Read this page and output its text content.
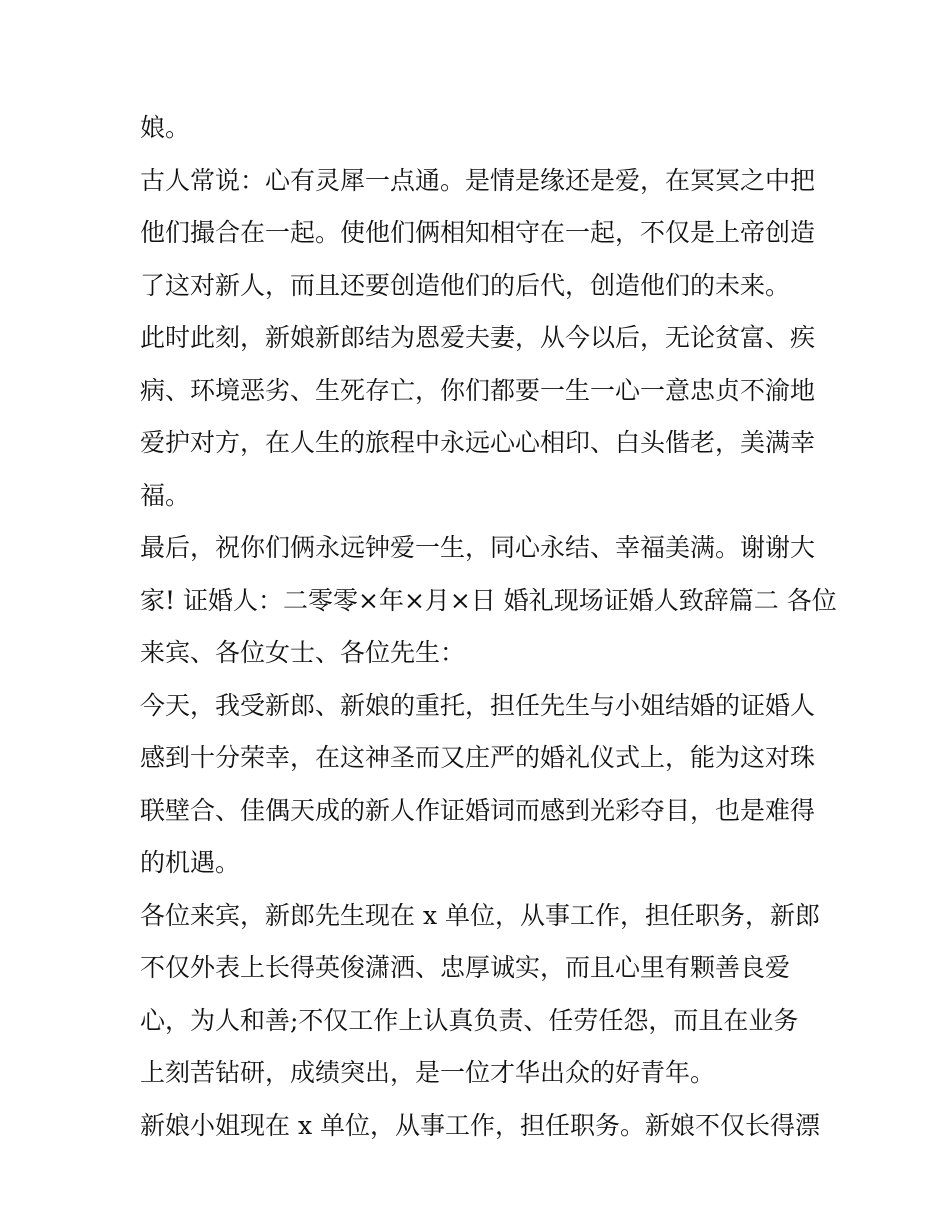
娘。
古人常说：心有灵犀一点通。是情是缘还是爱，在冥冥之中把
他们撮合在一起。使他们俩相知相守在一起，不仅是上帝创造
了这对新人，而且还要创造他们的后代，创造他们的未来。
此时此刻，新娘新郎结为恩爱夫妻，从今以后，无论贫富、疾
病、环境恶劣、生死存亡，你们都要一生一心一意忠贞不渝地
爱护对方，在人生的旅程中永远心心相印、白头偕老，美满幸
福。
最后，祝你们俩永远钟爱一生，同心永结、幸福美满。谢谢大
家! 证婚人：二零零×年×月×日 婚礼现场证婚人致辞篇二 各位
来宾、各位女士、各位先生：
今天，我受新郎、新娘的重托，担任先生与小姐结婚的证婚人
感到十分荣幸，在这神圣而又庄严的婚礼仪式上，能为这对珠
联壁合、佳偶天成的新人作证婚词而感到光彩夺目，也是难得
的机遇。
各位来宾，新郎先生现在 x 单位，从事工作，担任职务，新郎
不仅外表上长得英俊潇洒、忠厚诚实，而且心里有颗善良爱
心，为人和善;不仅工作上认真负责、任劳任怨，而且在业务
上刻苦钻研，成绩突出，是一位才华出众的好青年。
新娘小姐现在 x 单位，从事工作，担任职务。新娘不仅长得漂
